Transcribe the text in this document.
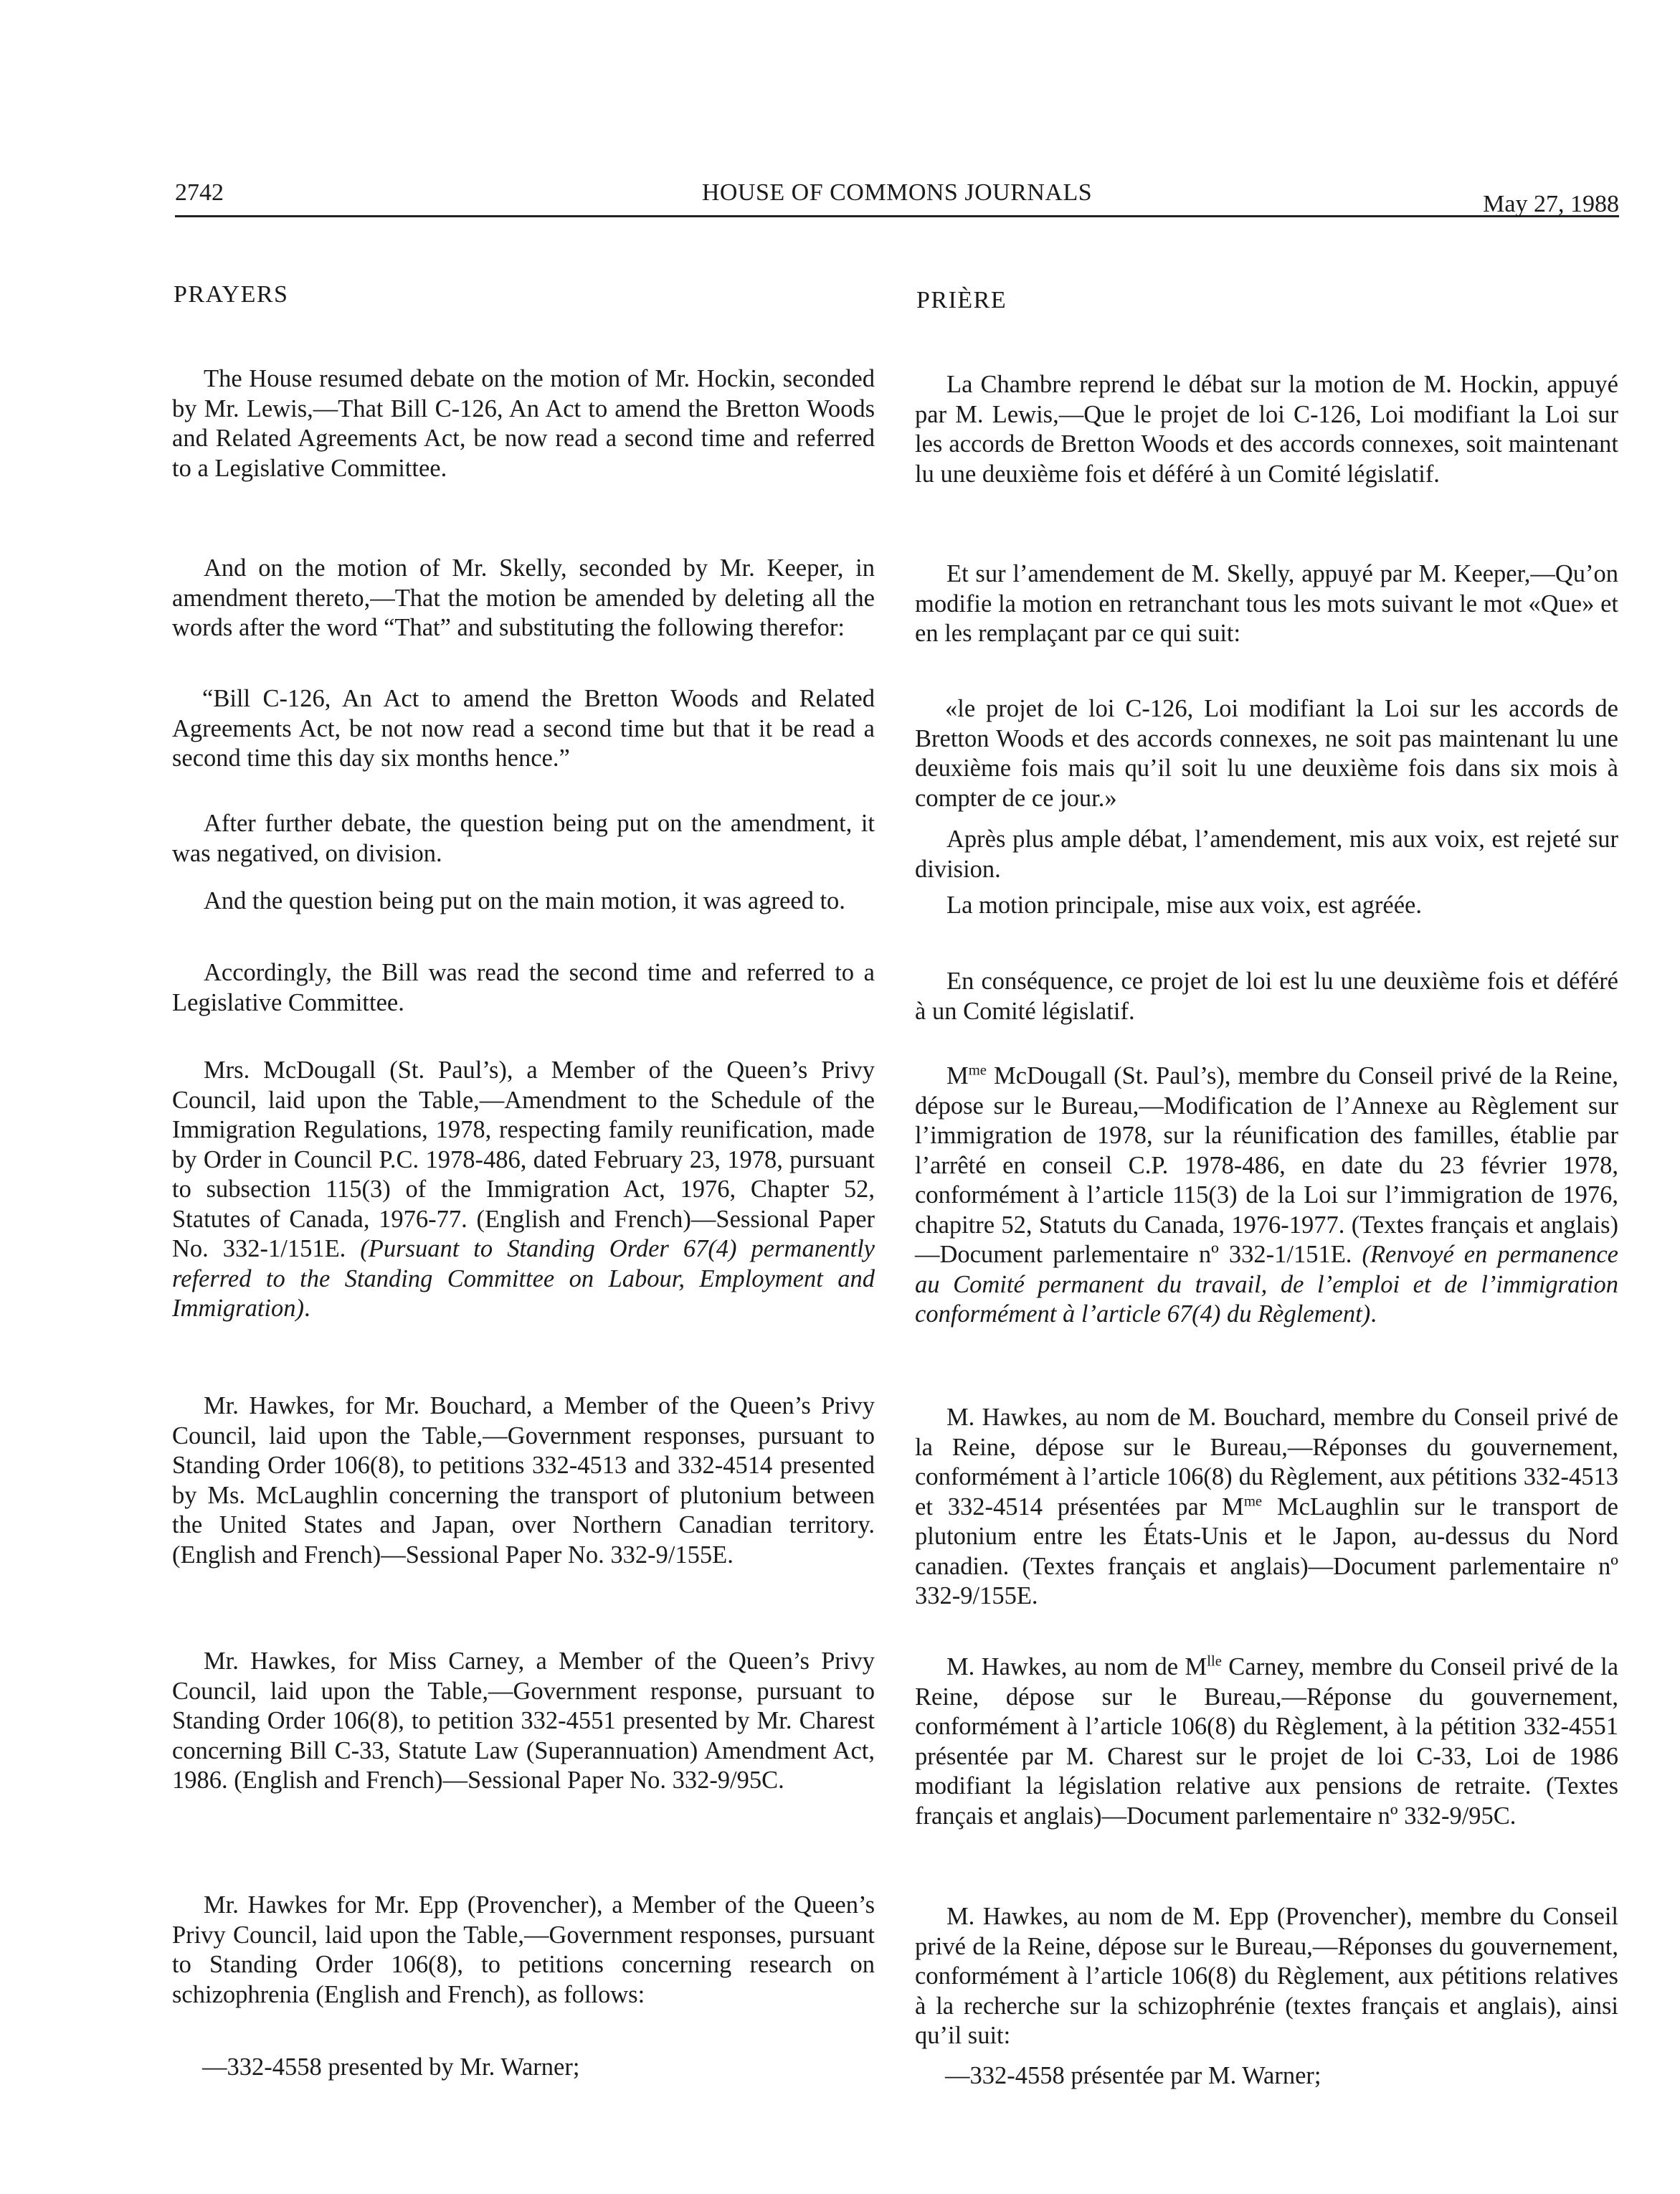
2742	HOUSE OF COMMONS JOURNALS	May 27, 1988
PRAYERS

The House resumed debate on the motion of Mr. Hockin, seconded by Mr. Lewis,—That Bill C-126, An Act to amend the Bretton Woods and Related Agreements Act, be now read a second time and referred to a Legislative Committee.

And on the motion of Mr. Skelly, seconded by Mr. Keeper, in amendment thereto,—That the motion be amended by deleting all the words after the word “That” and substituting the following therefor:

“Bill C-126, An Act to amend the Bretton Woods and Related Agreements Act, be not now read a second time but that it be read a second time this day six months hence.”

After further debate, the question being put on the amendment, it was negatived, on division.

And the question being put on the main motion, it was agreed to.

Accordingly, the Bill was read the second time and referred to a Legislative Committee.

Mrs. McDougall (St. Paul’s), a Member of the Queen’s Privy Council, laid upon the Table,—Amendment to the Schedule of the Immigration Regulations, 1978, respecting family reunification, made by Order in Council P.C. 1978-486, dated February 23, 1978, pursuant to subsection 115(3) of the Immigration Act, 1976, Chapter 52, Statutes of Canada, 1976-77. (English and French)—Sessional Paper No. 332-1/151E. (Pursuant to Standing Order 67(4) permanently referred to the Standing Committee on Labour, Employment and Immigration).

Mr. Hawkes, for Mr. Bouchard, a Member of the Queen’s Privy Council, laid upon the Table,—Government responses, pursuant to Standing Order 106(8), to petitions 332-4513 and 332-4514 presented by Ms. McLaughlin concerning the transport of plutonium between the United States and Japan, over Northern Canadian territory. (English and French)—Sessional Paper No. 332-9/155E.

Mr. Hawkes, for Miss Carney, a Member of the Queen’s Privy Council, laid upon the Table,—Government response, pursuant to Standing Order 106(8), to petition 332-4551 presented by Mr. Charest concerning Bill C-33, Statute Law (Superannuation) Amendment Act, 1986. (English and French)—Sessional Paper No. 332-9/95C.

Mr. Hawkes for Mr. Epp (Provencher), a Member of the Queen’s Privy Council, laid upon the Table,—Government responses, pursuant to Standing Order 106(8), to petitions concerning research on schizophrenia (English and French), as follows:

—332-4558 presented by Mr. Warner;

PRIÈRE

La Chambre reprend le débat sur la motion de M. Hockin, appuyé par M. Lewis,—Que le projet de loi C-126, Loi modifiant la Loi sur les accords de Bretton Woods et des accords connexes, soit maintenant lu une deuxième fois et déféré à un Comité législatif.

Et sur l’amendement de M. Skelly, appuyé par M. Keeper,—Qu’on modifie la motion en retranchant tous les mots suivant le mot «Que» et en les remplaçant par ce qui suit:

«le projet de loi C-126, Loi modifiant la Loi sur les accords de Bretton Woods et des accords connexes, ne soit pas maintenant lu une deuxième fois mais qu’il soit lu une deuxième fois dans six mois à compter de ce jour.»

Après plus ample débat, l’amendement, mis aux voix, est rejeté sur division.

La motion principale, mise aux voix, est agréée.

En conséquence, ce projet de loi est lu une deuxième fois et déféré à un Comité législatif.

$M^{me}$ McDougall (St. Paul’s), membre du Conseil privé de la Reine, dépose sur le Bureau,—Modification de l’Annexe au Règlement sur l’immigration de 1978, sur la réunification des familles, établie par l’arrêté en conseil C.P. 1978-486, en date du 23 février 1978, conformément à l’article 115(3) de la Loi sur l’immigration de 1976, chapitre 52, Statuts du Canada, 1976-1977. (Textes français et anglais)—Document parlementaire nº 332-1/151E. (Renvoyé en permanence au Comité permanent du travail, de l’emploi et de l’immigration conformément à l’article 67(4) du Règlement).

M. Hawkes, au nom de M. Bouchard, membre du Conseil privé de la Reine, dépose sur le Bureau,—Réponses du gouvernement, conformément à l’article 106(8) du Règlement, aux pétitions 332-4513 et 332-4514 présentées par $M^{me}$ McLaughlin sur le transport de plutonium entre les États-Unis et le Japon, au-dessus du Nord canadien. (Textes français et anglais)—Document parlementaire nº 332-9/155E.

M. Hawkes, au nom de $M^{lle}$ Carney, membre du Conseil privé de la Reine, dépose sur le Bureau,—Réponse du gouvernement, conformément à l’article 106(8) du Règlement, à la pétition 332-4551 présentée par M. Charest sur le projet de loi C-33, Loi de 1986 modifiant la législation relative aux pensions de retraite. (Textes français et anglais)—Document parlementaire nº 332-9/95C.

M. Hawkes, au nom de M. Epp (Provencher), membre du Conseil privé de la Reine, dépose sur le Bureau,—Réponses du gouvernement, conformément à l’article 106(8) du Règlement, aux pétitions relatives à la recherche sur la schizophrénie (textes français et anglais), ainsi qu’il suit:

—332-4558 présentée par M. Warner;
